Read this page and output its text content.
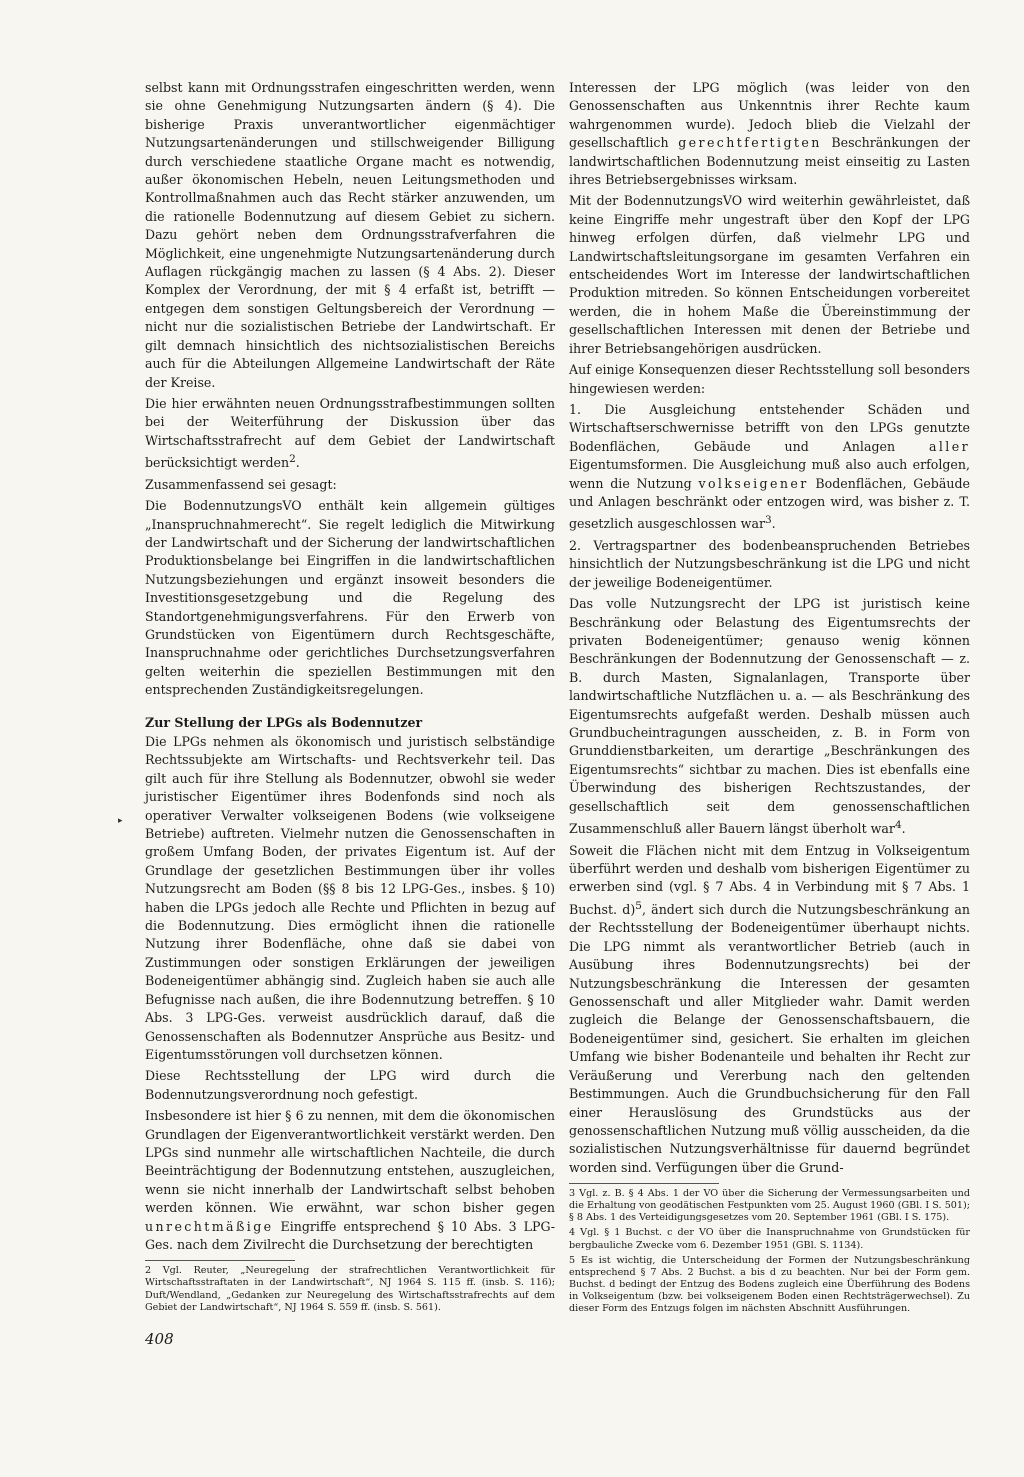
▸

selbst kann mit Ordnungsstrafen eingeschritten werden, wenn sie ohne Genehmigung Nutzungsarten ändern (§ 4). Die bisherige Praxis unverantwortlicher eigenmächtiger Nutzungsartenänderungen und stillschweigender Billigung durch verschiedene staatliche Organe macht es notwendig, außer ökonomischen Hebeln, neuen Leitungsmethoden und Kontrollmaßnahmen auch das Recht stärker anzuwenden, um die rationelle Bodennutzung auf diesem Gebiet zu sichern. Dazu gehört neben dem Ordnungsstrafverfahren die Möglichkeit, eine ungenehmigte Nutzungsartenänderung durch Auflagen rückgängig machen zu lassen (§ 4 Abs. 2). Dieser Komplex der Verordnung, der mit § 4 erfaßt ist, betrifft — entgegen dem sonstigen Geltungsbereich der Verordnung — nicht nur die sozialistischen Betriebe der Landwirtschaft. Er gilt demnach hinsichtlich des nichtsozialistischen Bereichs auch für die Abteilungen Allgemeine Landwirtschaft der Räte der Kreise.

Die hier erwähnten neuen Ordnungsstrafbestimmungen sollten bei der Weiterführung der Diskussion über das Wirtschaftsstrafrecht auf dem Gebiet der Landwirtschaft berücksichtigt werden$^2$.

Zusammenfassend sei gesagt:

Die BodennutzungsVO enthält kein allgemein gültiges „Inanspruchnahmerecht“. Sie regelt lediglich die Mitwirkung der Landwirtschaft und der Sicherung der landwirtschaftlichen Produktionsbelange bei Eingriffen in die landwirtschaftlichen Nutzungsbeziehungen und ergänzt insoweit besonders die Investitionsgesetzgebung und die Regelung des Standortgenehmigungsverfahrens. Für den Erwerb von Grundstücken von Eigentümern durch Rechtsgeschäfte, Inanspruchnahme oder gerichtliches Durchsetzungsverfahren gelten weiterhin die speziellen Bestimmungen mit den entsprechenden Zuständigkeitsregelungen.

Zur Stellung der LPGs als Bodennutzer

Die LPGs nehmen als ökonomisch und juristisch selbständige Rechtssubjekte am Wirtschafts- und Rechtsverkehr teil. Das gilt auch für ihre Stellung als Bodennutzer, obwohl sie weder juristischer Eigentümer ihres Bodenfonds sind noch als operativer Verwalter volkseigenen Bodens (wie volkseigene Betriebe) auftreten. Vielmehr nutzen die Genossenschaften in großem Umfang Boden, der privates Eigentum ist. Auf der Grundlage der gesetzlichen Bestimmungen über ihr volles Nutzungsrecht am Boden (§§ 8 bis 12 LPG-Ges., insbes. § 10) haben die LPGs jedoch alle Rechte und Pflichten in bezug auf die Bodennutzung. Dies ermöglicht ihnen die rationelle Nutzung ihrer Bodenfläche, ohne daß sie dabei von Zustimmungen oder sonstigen Erklärungen der jeweiligen Bodeneigentümer abhängig sind. Zugleich haben sie auch alle Befugnisse nach außen, die ihre Bodennutzung betreffen. § 10 Abs. 3 LPG-Ges. verweist ausdrücklich darauf, daß die Genossenschaften als Bodennutzer Ansprüche aus Besitz- und Eigentumsstörungen voll durchsetzen können.

Diese Rechtsstellung der LPG wird durch die Bodennutzungsverordnung noch gefestigt.

Insbesondere ist hier § 6 zu nennen, mit dem die ökonomischen Grundlagen der Eigenverantwortlichkeit verstärkt werden. Den LPGs sind nunmehr alle wirtschaftlichen Nachteile, die durch Beeinträchtigung der Bodennutzung entstehen, auszugleichen, wenn sie nicht innerhalb der Landwirtschaft selbst behoben werden können. Wie erwähnt, war schon bisher gegen unrechtmäßige Eingriffe entsprechend § 10 Abs. 3 LPG-Ges. nach dem Zivilrecht die Durchsetzung der berechtigten

2 Vgl. Reuter, „Neuregelung der strafrechtlichen Verantwortlichkeit für Wirtschaftsstraftaten in der Landwirtschaft“, NJ 1964 S. 115 ff. (insb. S. 116); Duft/Wendland, „Gedanken zur Neuregelung des Wirtschaftsstrafrechts auf dem Gebiet der Landwirtschaft“, NJ 1964 S. 559 ff. (insb. S. 561).

Interessen der LPG möglich (was leider von den Genossenschaften aus Unkenntnis ihrer Rechte kaum wahrgenommen wurde). Jedoch blieb die Vielzahl der gesellschaftlich gerechtfertigten Beschränkungen der landwirtschaftlichen Bodennutzung meist einseitig zu Lasten ihres Betriebsergebnisses wirksam.

Mit der BodennutzungsVO wird weiterhin gewährleistet, daß keine Eingriffe mehr ungestraft über den Kopf der LPG hinweg erfolgen dürfen, daß vielmehr LPG und Landwirtschaftsleitungsorgane im gesamten Verfahren ein entscheidendes Wort im Interesse der landwirtschaftlichen Produktion mitreden. So können Entscheidungen vorbereitet werden, die in hohem Maße die Übereinstimmung der gesellschaftlichen Interessen mit denen der Betriebe und ihrer Betriebsangehörigen ausdrücken.

Auf einige Konsequenzen dieser Rechtsstellung soll besonders hingewiesen werden:

1. Die Ausgleichung entstehender Schäden und Wirtschaftserschwernisse betrifft von den LPGs genutzte Bodenflächen, Gebäude und Anlagen aller Eigentumsformen. Die Ausgleichung muß also auch erfolgen, wenn die Nutzung volkseigener Bodenflächen, Gebäude und Anlagen beschränkt oder entzogen wird, was bisher z. T. gesetzlich ausgeschlossen war$^3$.

2. Vertragspartner des bodenbeanspruchenden Betriebes hinsichtlich der Nutzungsbeschränkung ist die LPG und nicht der jeweilige Bodeneigentümer.

Das volle Nutzungsrecht der LPG ist juristisch keine Beschränkung oder Belastung des Eigentumsrechts der privaten Bodeneigentümer; genauso wenig können Beschränkungen der Bodennutzung der Genossenschaft — z. B. durch Masten, Signalanlagen, Transporte über landwirtschaftliche Nutzflächen u. a. — als Beschränkung des Eigentumsrechts aufgefaßt werden. Deshalb müssen auch Grundbucheintragungen ausscheiden, z. B. in Form von Grunddienstbarkeiten, um derartige „Beschränkungen des Eigentumsrechts“ sichtbar zu machen. Dies ist ebenfalls eine Überwindung des bisherigen Rechtszustandes, der gesellschaftlich seit dem genossenschaftlichen Zusammenschluß aller Bauern längst überholt war$^4$.

Soweit die Flächen nicht mit dem Entzug in Volkseigentum überführt werden und deshalb vom bisherigen Eigentümer zu erwerben sind (vgl. § 7 Abs. 4 in Verbindung mit § 7 Abs. 1 Buchst. d)$^5$, ändert sich durch die Nutzungsbeschränkung an der Rechtsstellung der Bodeneigentümer überhaupt nichts. Die LPG nimmt als verantwortlicher Betrieb (auch in Ausübung ihres Bodennutzungsrechts) bei der Nutzungsbeschränkung die Interessen der gesamten Genossenschaft und aller Mitglieder wahr. Damit werden zugleich die Belange der Genossenschaftsbauern, die Bodeneigentümer sind, gesichert. Sie erhalten im gleichen Umfang wie bisher Bodenanteile und behalten ihr Recht zur Veräußerung und Vererbung nach den geltenden Bestimmungen. Auch die Grundbuchsicherung für den Fall einer Herauslösung des Grundstücks aus der genossenschaftlichen Nutzung muß völlig ausscheiden, da die sozialistischen Nutzungsverhältnisse für dauernd begründet worden sind. Verfügungen über die Grund-

3 Vgl. z. B. § 4 Abs. 1 der VO über die Sicherung der Vermessungsarbeiten und die Erhaltung von geodätischen Festpunkten vom 25. August 1960 (GBl. I S. 501); § 8 Abs. 1 des Verteidigungsgesetzes vom 20. September 1961 (GBl. I S. 175).

4 Vgl. § 1 Buchst. c der VO über die Inanspruchnahme von Grundstücken für bergbauliche Zwecke vom 6. Dezember 1951 (GBl. S. 1134).

5 Es ist wichtig, die Unterscheidung der Formen der Nutzungsbeschränkung entsprechend § 7 Abs. 2 Buchst. a bis d zu beachten. Nur bei der Form gem. Buchst. d bedingt der Entzug des Bodens zugleich eine Überführung des Bodens in Volkseigentum (bzw. bei volkseigenem Boden einen Rechtsträgerwechsel). Zu dieser Form des Entzugs folgen im nächsten Abschnitt Ausführungen.

408
